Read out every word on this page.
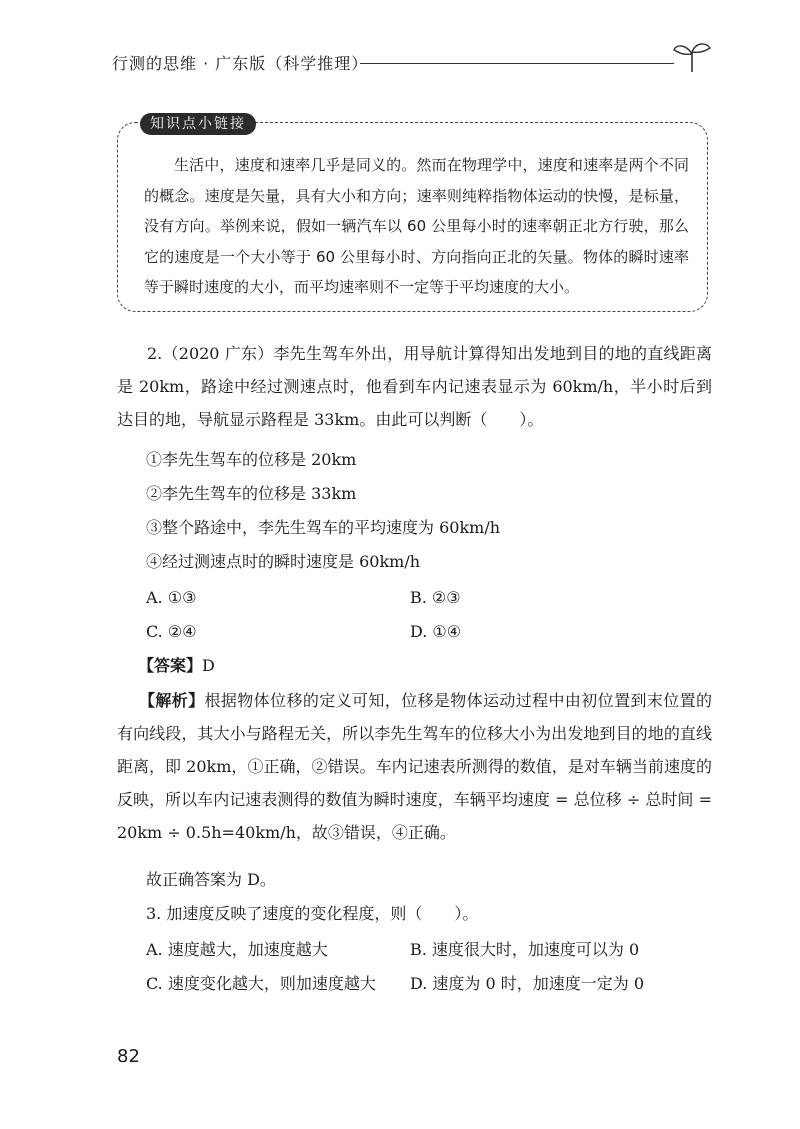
行测的思维 · 广东版（科学推理）
知识点小链接
生活中，速度和速率几乎是同义的。然而在物理学中，速度和速率是两个不同的概念。速度是矢量，具有大小和方向；速率则纯粹指物体运动的快慢，是标量，没有方向。举例来说，假如一辆汽车以 60 公里每小时的速率朝正北方行驶，那么它的速度是一个大小等于 60 公里每小时、方向指向正北的矢量。物体的瞬时速率等于瞬时速度的大小，而平均速率则不一定等于平均速度的大小。
2.（2020 广东）李先生驾车外出，用导航计算得知出发地到目的地的直线距离是 20km，路途中经过测速点时，他看到车内记速表显示为 60km/h，半小时后到达目的地，导航显示路程是 33km。由此可以判断（　　）。
①李先生驾车的位移是 20km
②李先生驾车的位移是 33km
③整个路途中，李先生驾车的平均速度为 60km/h
④经过测速点时的瞬时速度是 60km/h
A. ①③	B. ②③
C. ②④	D. ①④
【答案】D
【解析】根据物体位移的定义可知，位移是物体运动过程中由初位置到末位置的有向线段，其大小与路程无关，所以李先生驾车的位移大小为出发地到目的地的直线距离，即 20km，①正确，②错误。车内记速表所测得的数值，是对车辆当前速度的反映，所以车内记速表测得的数值为瞬时速度，车辆平均速度 = 总位移 ÷ 总时间 = 20km ÷ 0.5h=40km/h，故③错误，④正确。
故正确答案为 D。
3. 加速度反映了速度的变化程度，则（　　）。
A. 速度越大，加速度越大	B. 速度很大时，加速度可以为 0
C. 速度变化越大，则加速度越大 D. 速度为 0 时，加速度一定为 0
82
